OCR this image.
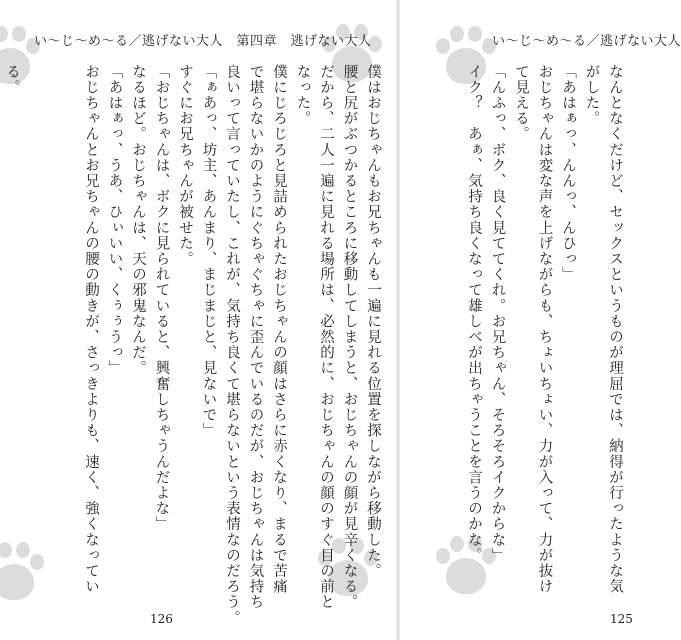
い〜じ〜め〜る／逃げない大人　第四章　逃げない大人
る。	僕はおじちゃんもお兄ちゃんも一遍に見れる位置を探しながら移動した。
腰と尻がぶつかるところに移動してしまうと、おじちゃんの顔が見辛くなる。
だから、二人一遍に見れる場所は、必然的に、おじちゃんの顔のすぐ目の前と
なった。
僕にじろじろと見詰められたおじちゃんの顔はさらに赤くなり、まるで苦痛
で堪らないかのようにぐちゃぐちゃに歪んでいるのだが、おじちゃんは気持ち
良いって言っていたし、これが、気持ち良くて堪らないという表情なのだろう。
「ぁあっ、坊主、あんまり、まじまじと、見ないで」
すぐにお兄ちゃんが被せた。
「おじちゃんは、ボクに見られていると、興奮しちゃうんだよな」
なるほど。おじちゃんは、天の邪鬼なんだ。
「あはぁっ、うあ、ひぃいい、くぅぅうっ」
おじちゃんとお兄ちゃんの腰の動きが、さっきよりも、速く、強くなってい
126
い〜じ〜め〜る／逃げない大人
なんとなくだけど、セックスというものが理屈では、納得が行ったような気
がした。
「あはぁっ、んんっ、んひっ」
おじちゃんは変な声を上げながらも、ちょいちょい、力が入って、力が抜け
て見える。
「んふっ、ボク、良く見ててくれ。お兄ちゃん、そろそろイクからな」
イク？　あぁ、気持ち良くなって雄しべが出ちゃうことを言うのかな。
125
